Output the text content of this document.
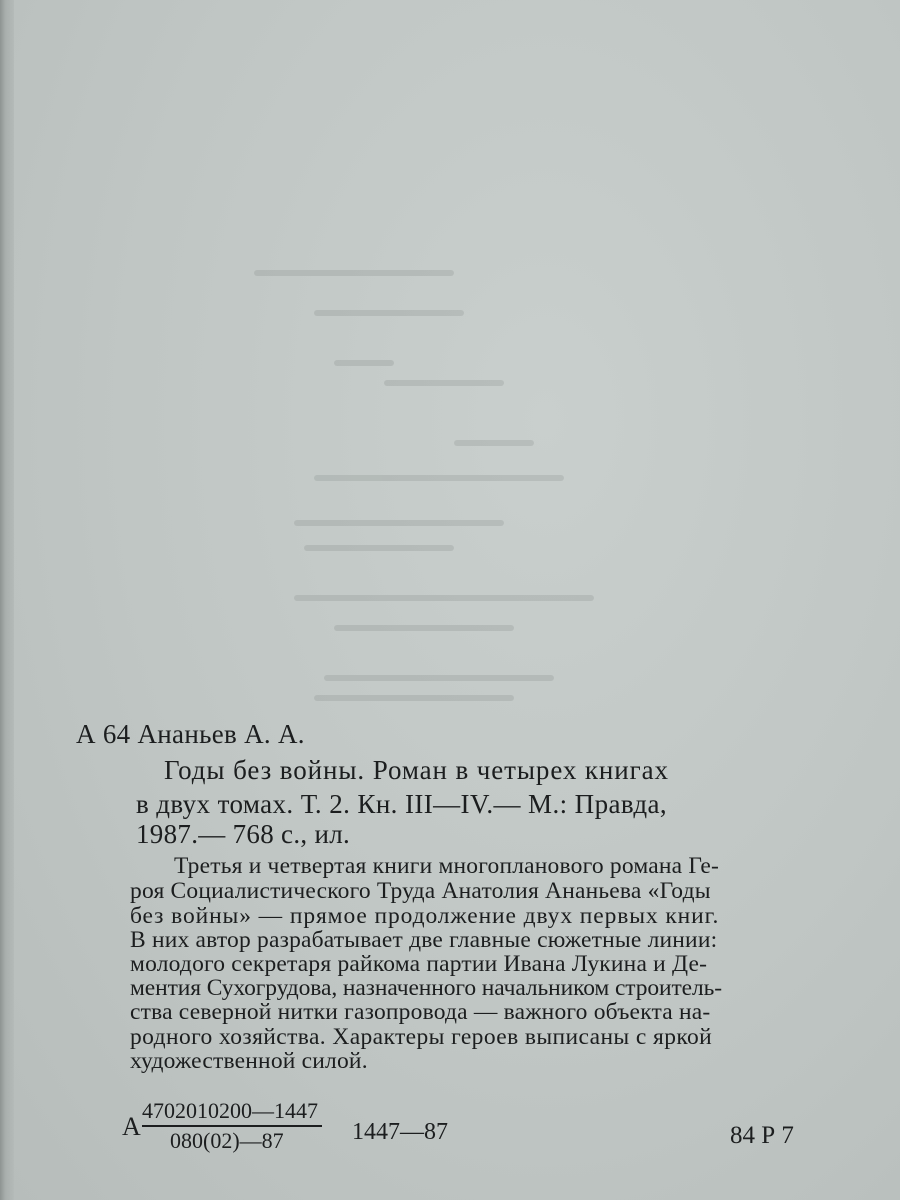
А 64 Ананьев А. А.
Годы без войны. Роман в четырех книгах
в двух томах. Т. 2. Кн. III—IV.— М.: Правда,
1987.— 768 с., ил.
Третья и четвертая книги многопланового романа Ге-
роя Социалистического Труда Анатолия Ананьева «Годы
без войны» — прямое продолжение двух первых книг.
В них автор разрабатывает две главные сюжетные линии:
молодого секретаря райкома партии Ивана Лукина и Де-
ментия Сухогрудова, назначенного начальником строитель-
ства северной нитки газопровода — важного объекта на-
родного хозяйства. Характеры героев выписаны с яркой
художественной силой.
А
4702010200—1447
080(02)—87	1447—87	84 Р 7
